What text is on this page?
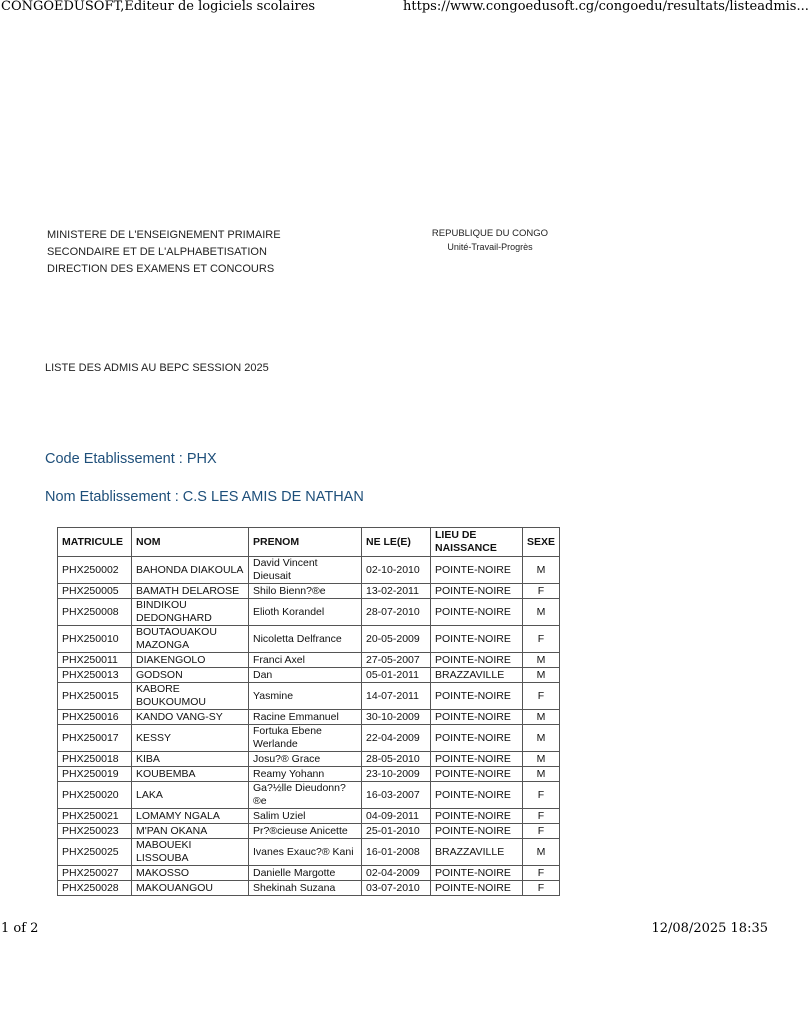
CONGOEDUSOFT,Editeur de logiciels scolaires	https://www.congoedusoft.cg/congoedu/resultats/listeadmis...
MINISTERE DE L'ENSEIGNEMENT PRIMAIRE
SECONDAIRE ET DE L'ALPHABETISATION
DIRECTION DES EXAMENS ET CONCOURS
REPUBLIQUE DU CONGO
Unité-Travail-Progrès
LISTE DES ADMIS AU BEPC SESSION 2025
Code Etablissement : PHX
Nom Etablissement : C.S LES AMIS DE NATHAN
MATRICULE	NOM	PRENOM	NE LE(E)	LIEU DE NAISSANCE	SEXE
PHX250002	BAHONDA DIAKOULA	David Vincent Dieusait	02-10-2010	POINTE-NOIRE	M
PHX250005	BAMATH DELAROSE	Shilo Bienn?®e	13-02-2011	POINTE-NOIRE	F
PHX250008	BINDIKOU DEDONGHARD	Elioth Korandel	28-07-2010	POINTE-NOIRE	M
PHX250010	BOUTAOUAKOU MAZONGA	Nicoletta Delfrance	20-05-2009	POINTE-NOIRE	F
PHX250011	DIAKENGOLO	Franci Axel	27-05-2007	POINTE-NOIRE	M
PHX250013	GODSON	Dan	05-01-2011	BRAZZAVILLE	M
PHX250015	KABORE BOUKOUMOU	Yasmine	14-07-2011	POINTE-NOIRE	F
PHX250016	KANDO VANG-SY	Racine Emmanuel	30-10-2009	POINTE-NOIRE	M
PHX250017	KESSY	Fortuka Ebene Werlande	22-04-2009	POINTE-NOIRE	M
PHX250018	KIBA	Josu?® Grace	28-05-2010	POINTE-NOIRE	M
PHX250019	KOUBEMBA	Reamy Yohann	23-10-2009	POINTE-NOIRE	M
PHX250020	LAKA	Ga?½lle Dieudonn?®e	16-03-2007	POINTE-NOIRE	F
PHX250021	LOMAMY NGALA	Salim Uziel	04-09-2011	POINTE-NOIRE	F
PHX250023	M'PAN OKANA	Pr?®cieuse Anicette	25-01-2010	POINTE-NOIRE	F
PHX250025	MABOUEKI LISSOUBA	Ivanes Exauc?® Kani	16-01-2008	BRAZZAVILLE	M
PHX250027	MAKOSSO	Danielle Margotte	02-04-2009	POINTE-NOIRE	F
PHX250028	MAKOUANGOU	Shekinah Suzana	03-07-2010	POINTE-NOIRE	F
1 of 2	12/08/2025 18:35
